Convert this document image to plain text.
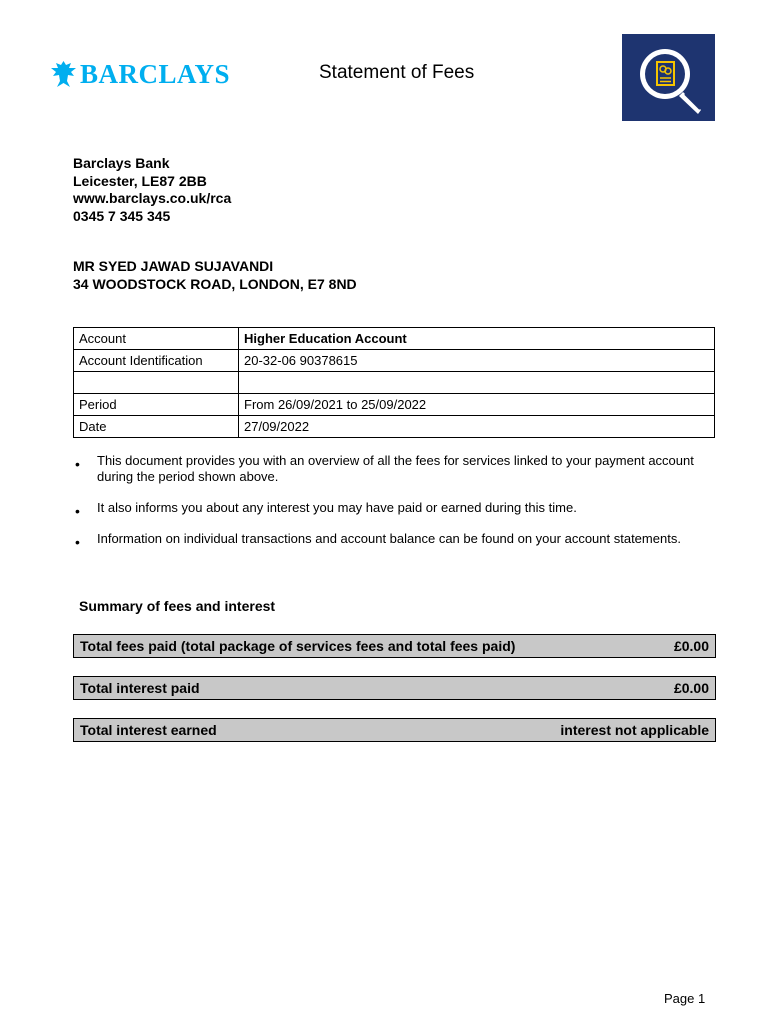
BARCLAYS	Statement of Fees
Barclays Bank
Leicester, LE87 2BB
www.barclays.co.uk/rca
0345 7 345 345
MR SYED JAWAD SUJAVANDI
34 WOODSTOCK ROAD, LONDON, E7 8ND
Account	Higher Education Account
Account Identification	20-32-06 90378615

Period	From 26/09/2021 to 25/09/2022
Date	27/09/2022
• This document provides you with an overview of all the fees for services linked to your payment account during the period shown above.
• It also informs you about any interest you may have paid or earned during this time.
• Information on individual transactions and account balance can be found on your account statements.
Summary of fees and interest
Total fees paid (total package of services fees and total fees paid)	£0.00
Total interest paid	£0.00
Total interest earned	interest not applicable
Page 1
